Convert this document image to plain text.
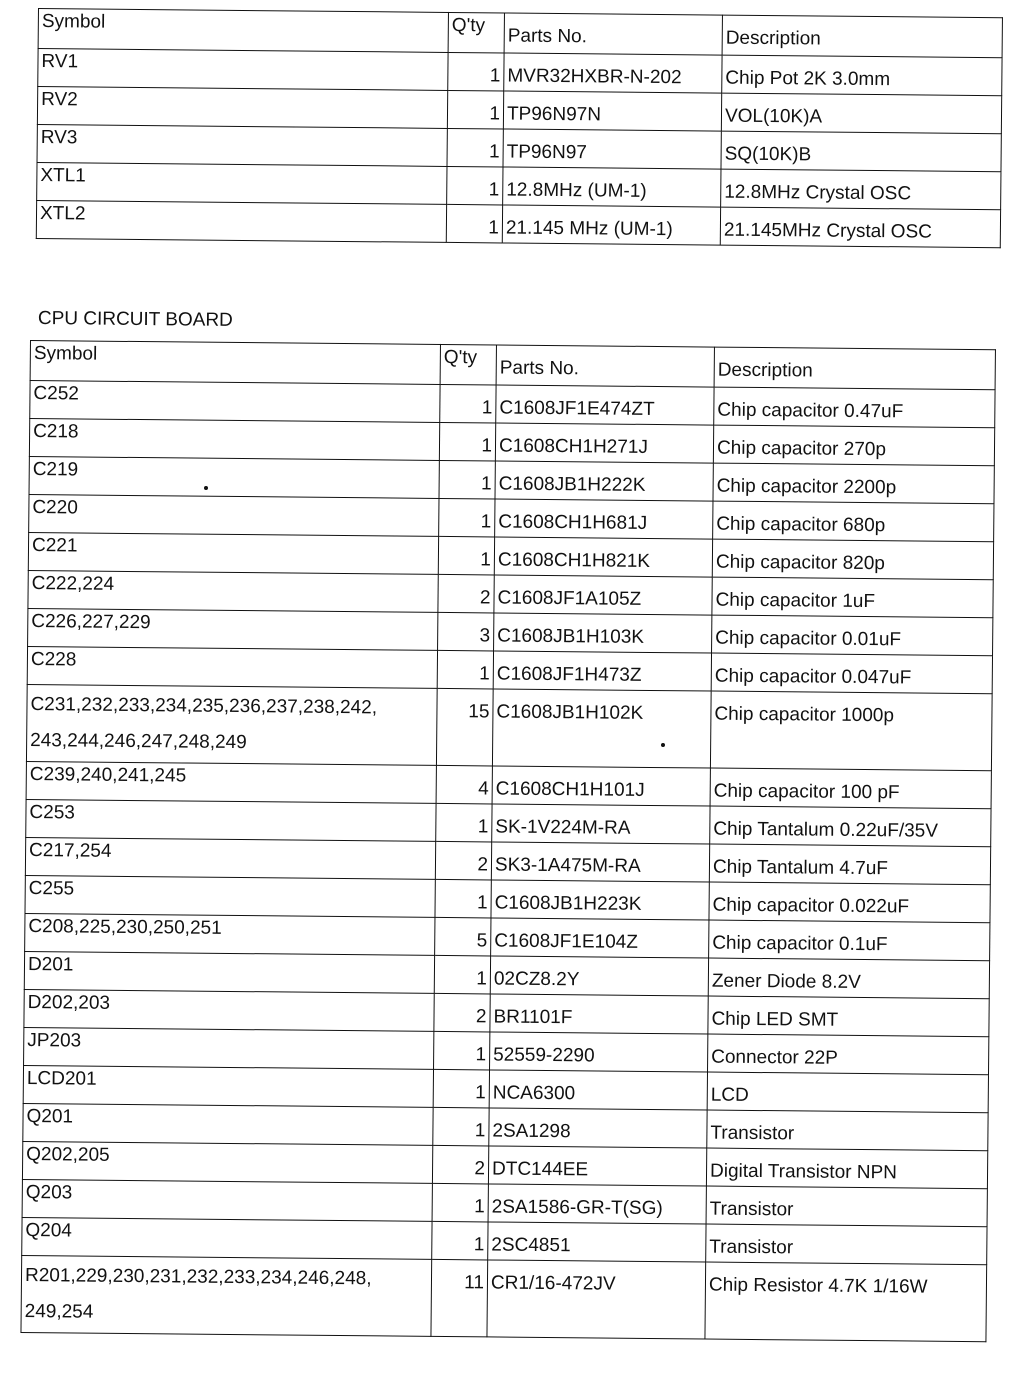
Symbol	Q'ty	Parts No.	Description
RV1	1	MVR32HXBR-N-202	Chip Pot 2K 3.0mm
RV2	1	TP96N97N	VOL(10K)A
RV3	1	TP96N97	SQ(10K)B
XTL1	1	12.8MHz (UM-1)	12.8MHz Crystal OSC
XTL2	1	21.145 MHz (UM-1)	21.145MHz Crystal OSC
CPU CIRCUIT BOARD
Symbol	Q'ty	Parts No.	Description
C252	1	C1608JF1E474ZT	Chip capacitor 0.47uF
C218	1	C1608CH1H271J	Chip capacitor 270p
C219	1	C1608JB1H222K	Chip capacitor 2200p
C220	1	C1608CH1H681J	Chip capacitor 680p
C221	1	C1608CH1H821K	Chip capacitor 820p
C222,224	2	C1608JF1A105Z	Chip capacitor 1uF
C226,227,229	3	C1608JB1H103K	Chip capacitor 0.01uF
C228	1	C1608JF1H473Z	Chip capacitor 0.047uF
C231,232,233,234,235,236,237,238,242, 243,244,246,247,248,249	15	C1608JB1H102K	Chip capacitor 1000p
C239,240,241,245	4	C1608CH1H101J	Chip capacitor 100 pF
C253	1	SK-1V224M-RA	Chip Tantalum 0.22uF/35V
C217,254	2	SK3-1A475M-RA	Chip Tantalum 4.7uF
C255	1	C1608JB1H223K	Chip capacitor 0.022uF
C208,225,230,250,251	5	C1608JF1E104Z	Chip capacitor 0.1uF
D201	1	02CZ8.2Y	Zener Diode 8.2V
D202,203	2	BR1101F	Chip LED SMT
JP203	1	52559-2290	Connector 22P
LCD201	1	NCA6300	LCD
Q201	1	2SA1298	Transistor
Q202,205	2	DTC144EE	Digital Transistor NPN
Q203	1	2SA1586-GR-T(SG)	Transistor
Q204	1	2SC4851	Transistor
R201,229,230,231,232,233,234,246,248, 249,254	11	CR1/16-472JV	Chip Resistor 4.7K 1/16W
